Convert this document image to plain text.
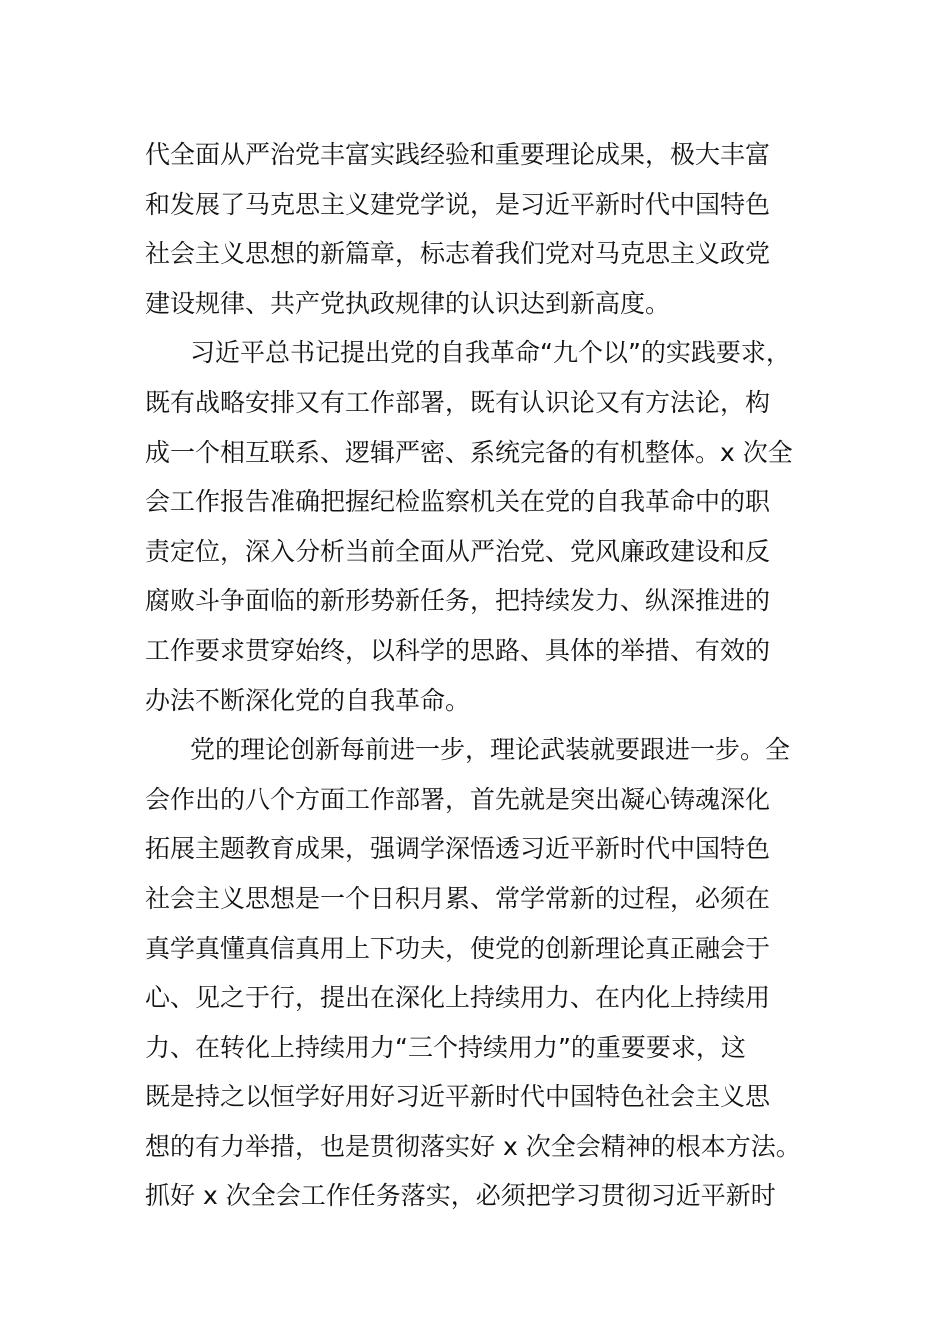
代全面从严治党丰富实践经验和重要理论成果，极大丰富
和发展了马克思主义建党学说，是习近平新时代中国特色
社会主义思想的新篇章，标志着我们党对马克思主义政党
建设规律、共产党执政规律的认识达到新高度。
习近平总书记提出党的自我革命“九个以”的实践要求，
既有战略安排又有工作部署，既有认识论又有方法论，构
成一个相互联系、逻辑严密、系统完备的有机整体。x 次全
会工作报告准确把握纪检监察机关在党的自我革命中的职
责定位，深入分析当前全面从严治党、党风廉政建设和反
腐败斗争面临的新形势新任务，把持续发力、纵深推进的
工作要求贯穿始终，以科学的思路、具体的举措、有效的
办法不断深化党的自我革命。
党的理论创新每前进一步，理论武装就要跟进一步。全
会作出的八个方面工作部署，首先就是突出凝心铸魂深化
拓展主题教育成果，强调学深悟透习近平新时代中国特色
社会主义思想是一个日积月累、常学常新的过程，必须在
真学真懂真信真用上下功夫，使党的创新理论真正融会于
心、见之于行，提出在深化上持续用力、在内化上持续用
力、在转化上持续用力“三个持续用力”的重要要求，这
既是持之以恒学好用好习近平新时代中国特色社会主义思
想的有力举措，也是贯彻落实好 x 次全会精神的根本方法。
抓好 x 次全会工作任务落实，必须把学习贯彻习近平新时
